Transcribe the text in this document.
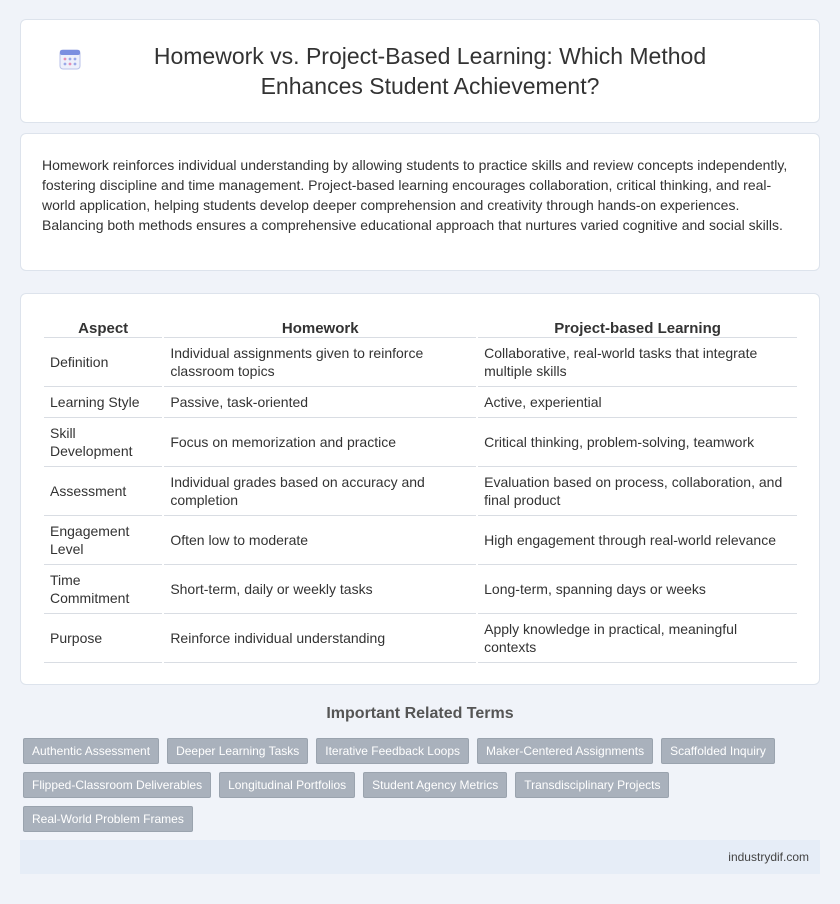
Homework vs. Project-Based Learning: Which Method Enhances Student Achievement?

Homework reinforces individual understanding by allowing students to practice skills and review concepts independently, fostering discipline and time management. Project-based learning encourages collaboration, critical thinking, and real-world application, helping students develop deeper comprehension and creativity through hands-on experiences. Balancing both methods ensures a comprehensive educational approach that nurtures varied cognitive and social skills.

Aspect	Homework	Project-based Learning
Definition	Individual assignments given to reinforce classroom topics	Collaborative, real-world tasks that integrate multiple skills
Learning Style	Passive, task-oriented	Active, experiential
Skill Development	Focus on memorization and practice	Critical thinking, problem-solving, teamwork
Assessment	Individual grades based on accuracy and completion	Evaluation based on process, collaboration, and final product
Engagement Level	Often low to moderate	High engagement through real-world relevance
Time Commitment	Short-term, daily or weekly tasks	Long-term, spanning days or weeks
Purpose	Reinforce individual understanding	Apply knowledge in practical, meaningful contexts
Important Related Terms
Authentic Assessment	Deeper Learning Tasks	Iterative Feedback Loops	Maker-Centered Assignments	Scaffolded Inquiry
Flipped-Classroom Deliverables	Longitudinal Portfolios	Student Agency Metrics	Transdisciplinary Projects
Real-World Problem Frames
industrydif.com
